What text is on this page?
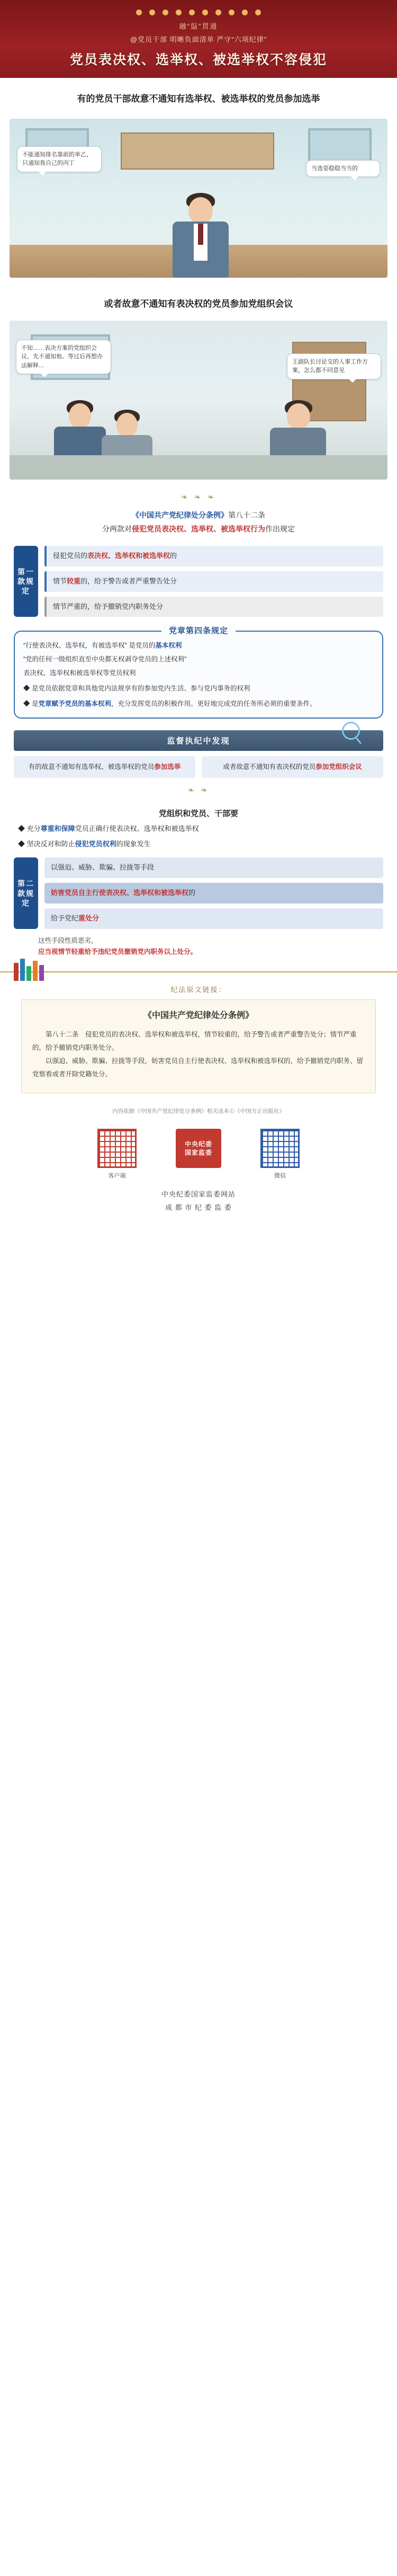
融“䀀”贯通
@党员干部 明晰负面清单 严守“六项纪律”
党员表决权、选举权、被选举权不容侵犯
有的党员干部故意不通知有选举权、被选举权的党员参加选举
不能通知排名靠前的单乙，只通知我自己的丙丁
当选姿稳稳当当的
或者故意不通知有表决权的党员参加党组织会议
不知……表决方案的党组织会议，先不通知他。等过后再想办法解释…
王副队长讨论交的人事工作方案，怎么都不同意见
❧ ❧ ❧
《中国共产党纪律处分条例》第八十二条
分两款对侵犯党员表决权、选举权、被选举权行为作出规定
第一款规定
侵犯党员的表决权、选举权和被选举权的
情节较重的，给予警告或者严重警告处分
情节严重的，给予撤销党内职务处分
党章第四条规定
“行使表决权、选举权，有被选举权” 是党员的基本权利
“党的任何一级组织直至中央都无权剥夺党员的上述权利”
表决权、选举权和被选举权等党员权利
◆ 是党员依据党章和其他党内法规享有的参加党内生活、参与党内事务的权利
◆ 是党章赋予党员的基本权利，充分发挥党员的积极作用。更好地完成党的任务所必须的重要条件。
监督执纪中发现
有的故意不通知有选举权、被选举权的党员参加选举	或者故意不通知有表决权的党员参加党组织会议
❧ ❧
党组织和党员、干部要
◆ 充分尊重和保障党员正确行使表决权、选举权和被选举权
◆ 坚决反对和防止侵犯党员权利的现象发生
第二款规定
以强迫、威胁、欺骗、拉拢等手段
妨害党员自主行使表决权、选举权和被选举权的
给予党纪重处分
这些手段性质恶劣，
应当视情节轻重给予违纪党员撤销党内职务以上处分。
纪法原文链接：
《中国共产党纪律处分条例》

第八十二条　侵犯党员的表决权、选举权和被选举权，情节较重的，给予警告或者严重警告处分；情节严重的，给予撤销党内职务处分。

以强迫、威胁、欺骗、拉拢等手段，妨害党员自主行使表决权、选举权和被选举权的，给予撤销党内职务、留党察看或者开除党籍处分。

内容依据《中国共产党纪律处分条例》相关读本①《中国方正出版社》
客户端
中央纪委
国家监委
微信
中央纪委国家监委网站
成 都 市 纪 委 监 委
